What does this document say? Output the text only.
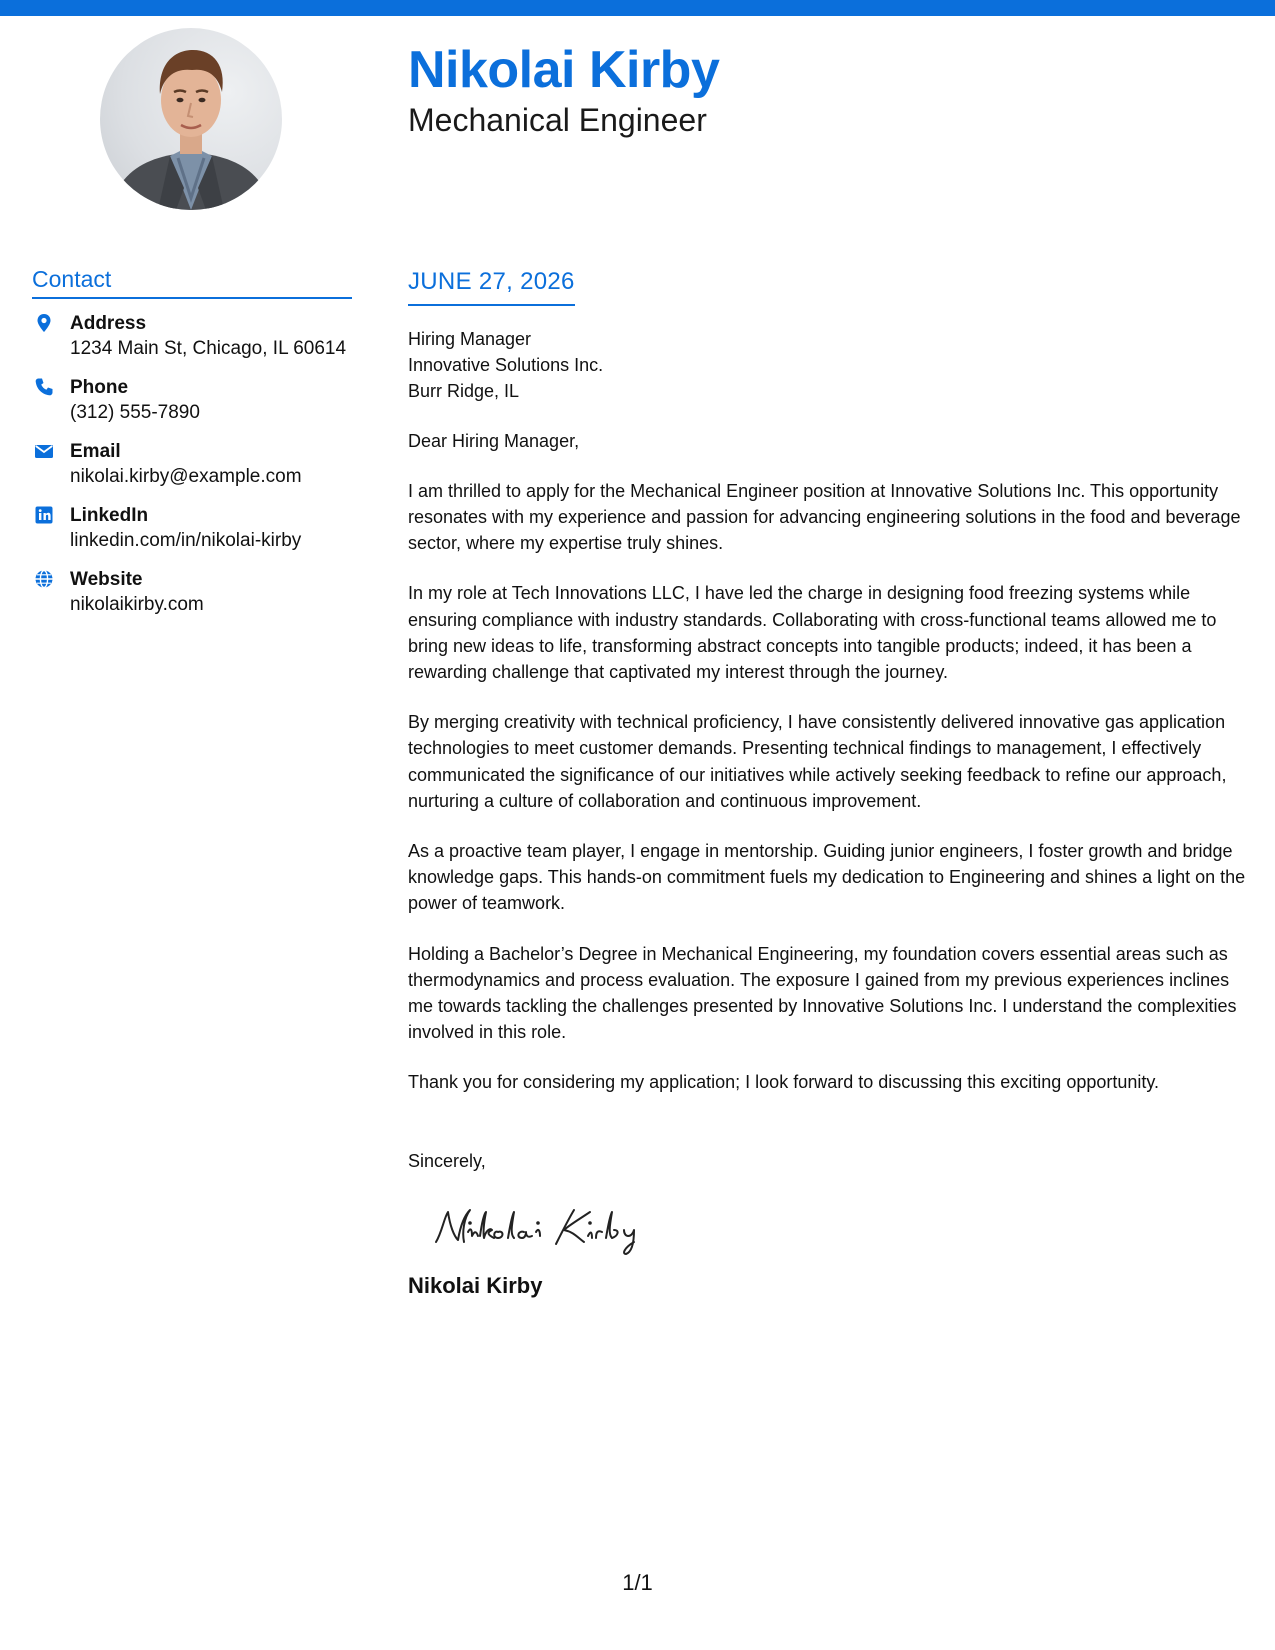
Nikolai Kirby
Mechanical Engineer
Contact
Address
1234 Main St, Chicago, IL 60614
Phone
(312) 555-7890
Email
nikolai.kirby@example.com
LinkedIn
linkedin.com/in/nikolai-kirby
Website
nikolaikirby.com
JUNE 27, 2026
Hiring Manager
Innovative Solutions Inc.
Burr Ridge, IL
Dear Hiring Manager,
I am thrilled to apply for the Mechanical Engineer position at Innovative Solutions Inc. This opportunity resonates with my experience and passion for advancing engineering solutions in the food and beverage sector, where my expertise truly shines.
In my role at Tech Innovations LLC, I have led the charge in designing food freezing systems while ensuring compliance with industry standards. Collaborating with cross-functional teams allowed me to bring new ideas to life, transforming abstract concepts into tangible products; indeed, it has been a rewarding challenge that captivated my interest through the journey.
By merging creativity with technical proficiency, I have consistently delivered innovative gas application technologies to meet customer demands. Presenting technical findings to management, I effectively communicated the significance of our initiatives while actively seeking feedback to refine our approach, nurturing a culture of collaboration and continuous improvement.
As a proactive team player, I engage in mentorship. Guiding junior engineers, I foster growth and bridge knowledge gaps. This hands-on commitment fuels my dedication to Engineering and shines a light on the power of teamwork.
Holding a Bachelor’s Degree in Mechanical Engineering, my foundation covers essential areas such as thermodynamics and process evaluation. The exposure I gained from my previous experiences inclines me towards tackling the challenges presented by Innovative Solutions Inc. I understand the complexities involved in this role.
Thank you for considering my application; I look forward to discussing this exciting opportunity.
Sincerely,
Nikolai Kirby
1/1
